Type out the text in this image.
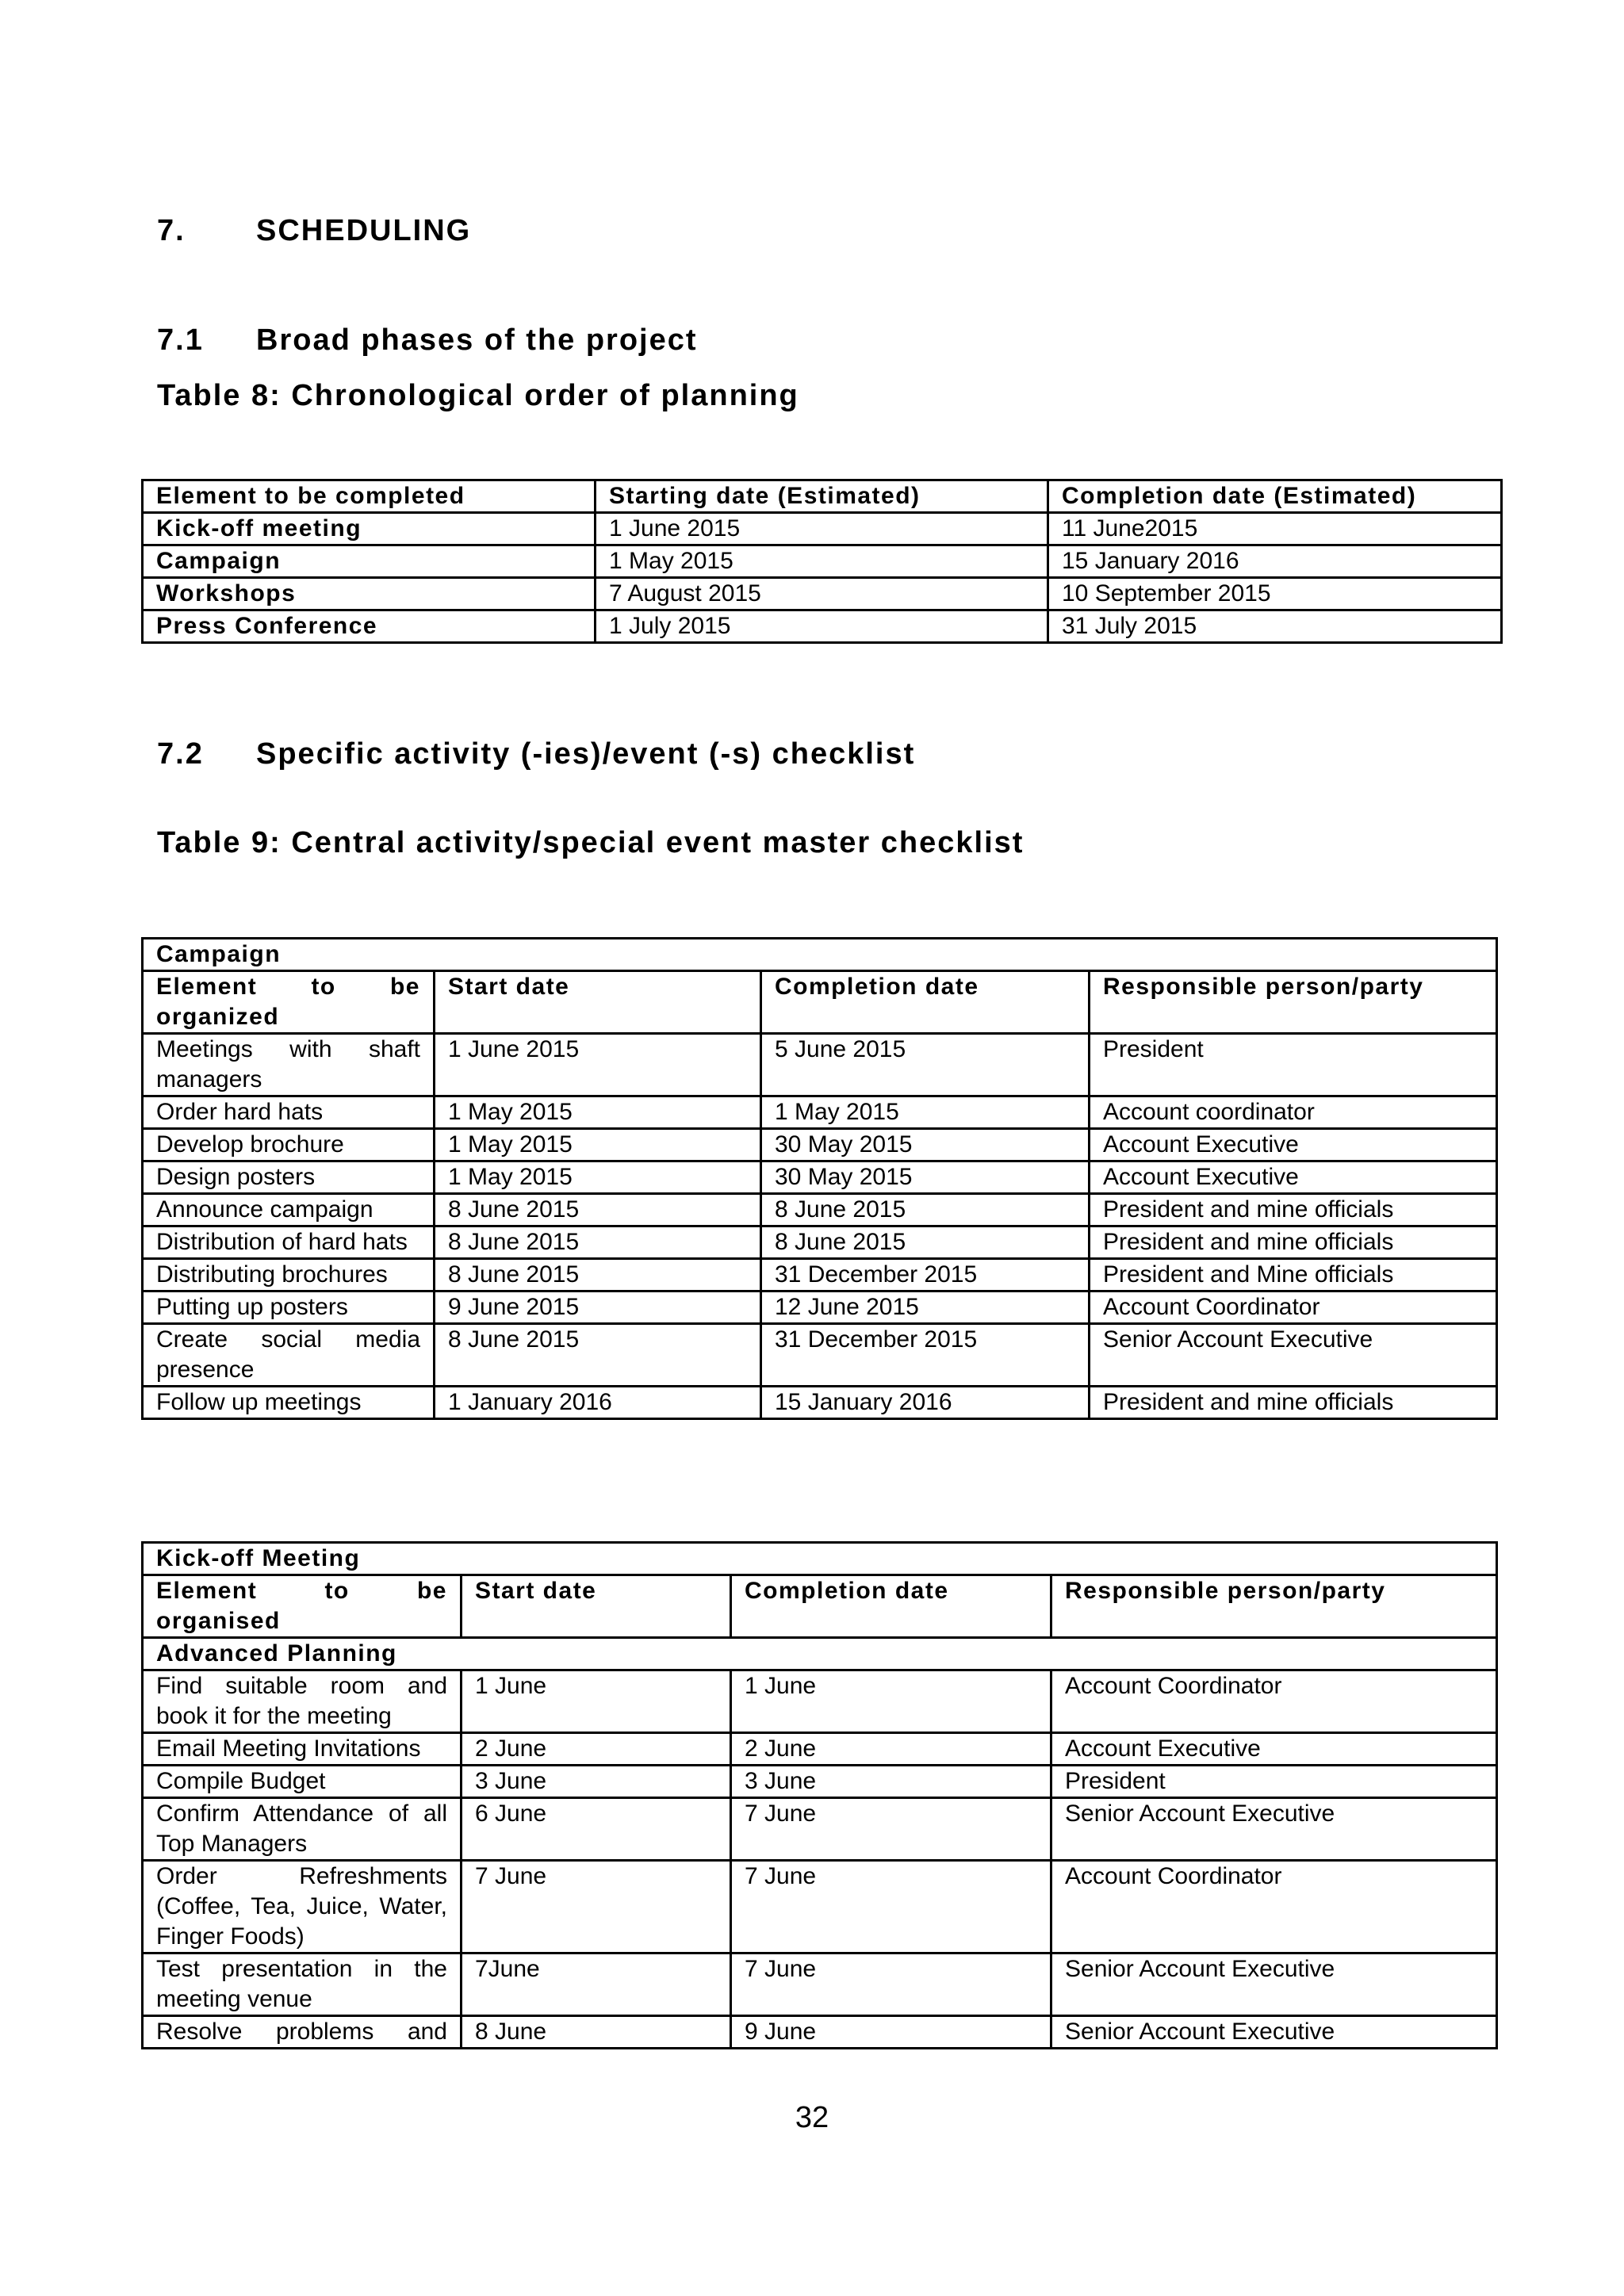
7. SCHEDULING
7.1 Broad phases of the project
Table 8: Chronological order of planning
Element to be completed	Starting date (Estimated)	Completion date (Estimated)
Kick-off meeting	1 June 2015	11 June2015
Campaign	1 May 2015	15 January 2016
Workshops	7 August 2015	10 September 2015
Press Conference	1 July 2015	31 July 2015
7.2 Specific activity (-ies)/event (-s) checklist
Table 9: Central activity/special event master checklist
Campaign			
Element to be organized	Start date	Completion date	Responsible person/party
Meetings with shaft managers	1 June 2015	5 June 2015	President
Order hard hats	1 May 2015	1 May 2015	Account coordinator
Develop brochure	1 May 2015	30 May 2015	Account Executive
Design posters	1 May 2015	30 May 2015	Account Executive
Announce campaign	8 June 2015	8 June 2015	President and mine officials
Distribution of hard hats	8 June 2015	8 June 2015	President and mine officials
Distributing brochures	8 June 2015	31 December 2015	President and Mine officials
Putting up posters	9 June 2015	12 June 2015	Account Coordinator
Create social media presence	8 June 2015	31 December 2015	Senior Account Executive
Follow up meetings	1 January 2016	15 January 2016	President and mine officials
Kick-off Meeting			
Element to be organised	Start date	Completion date	Responsible person/party
Advanced Planning			
Find suitable room and book it for the meeting	1 June	1 June	Account Coordinator
Email Meeting Invitations	2 June	2 June	Account Executive
Compile Budget	3 June	3 June	President
Confirm Attendance of all Top Managers	6 June	7 June	Senior Account Executive
Order Refreshments (Coffee, Tea, Juice, Water, Finger Foods)	7 June	7 June	Account Coordinator
Test presentation in the meeting venue	7June	7 June	Senior Account Executive
Resolve problems and	8 June	9 June	Senior Account Executive
32
